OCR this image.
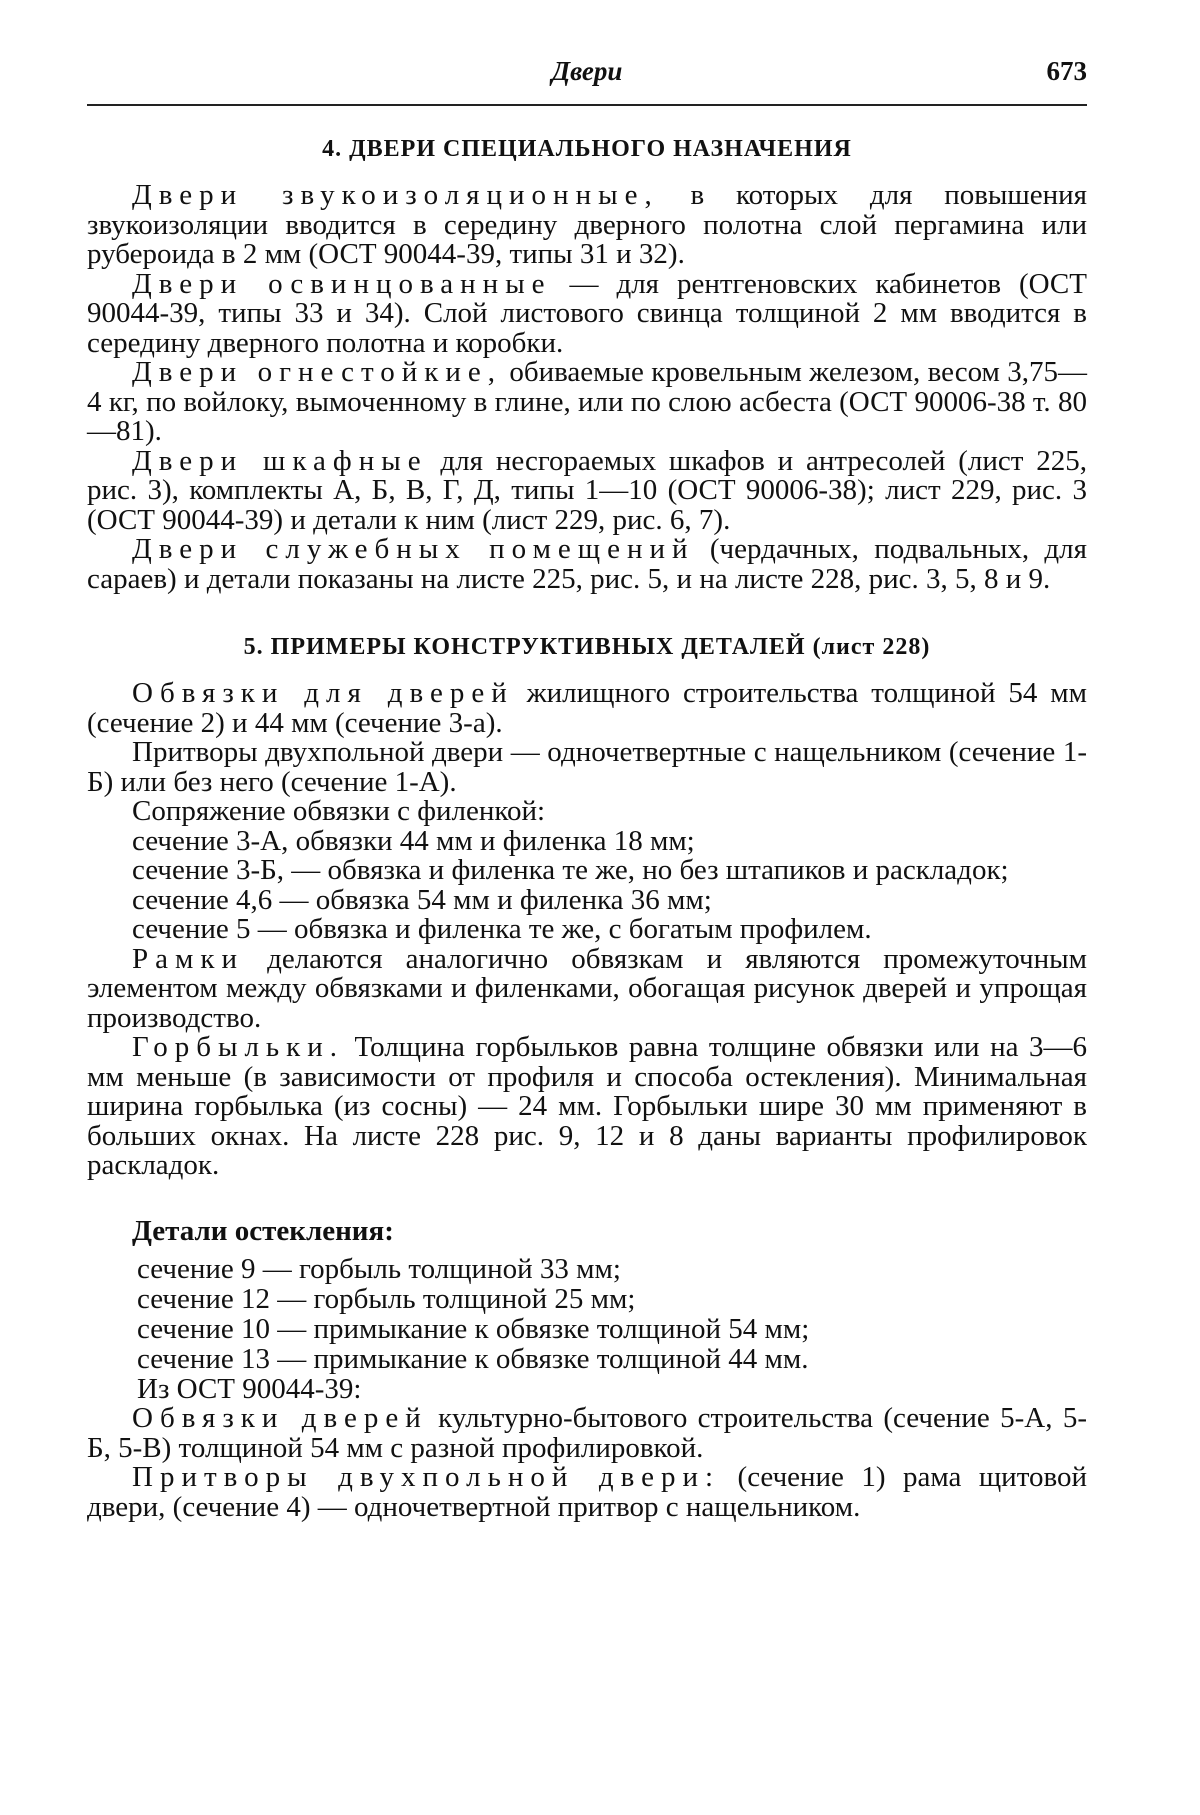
Двери	673
4. ДВЕРИ СПЕЦИАЛЬНОГО НАЗНАЧЕНИЯ

Двери звукоизоляционные, в которых для повышения звукоизоляции вводится в середину дверного полотна слой пергамина или рубероида в 2 мм (ОСТ 90044-39, типы 31 и 32).

Двери освинцованные — для рентгеновских кабинетов (ОСТ 90044-39, типы 33 и 34). Слой листового свинца толщиной 2 мм вводится в середину дверного полотна и коробки.

Двери огнестойкие, обиваемые кровельным железом, весом 3,75—4 кг, по войлоку, вымоченному в глине, или по слою асбеста (ОСТ 90006-38 т. 80—81).

Двери шкафные для несгораемых шкафов и антресолей (лист 225, рис. 3), комплекты А, Б, В, Г, Д, типы 1—10 (ОСТ 90006-38); лист 229, рис. 3 (ОСТ 90044-39) и детали к ним (лист 229, рис. 6, 7).

Двери служебных помещений (чердачных, подвальных, для сараев) и детали показаны на листе 225, рис. 5, и на листе 228, рис. 3, 5, 8 и 9.

5. ПРИМЕРЫ КОНСТРУКТИВНЫХ ДЕТАЛЕЙ (лист 228)

Обвязки для дверей жилищного строительства толщиной 54 мм (сечение 2) и 44 мм (сечение 3-а).

Притворы двухпольной двери — одночетвертные с нащельником (сечение 1-Б) или без него (сечение 1-А).

Сопряжение обвязки с филенкой:

сечение 3-А, обвязки 44 мм и филенка 18 мм;

сечение 3-Б, — обвязка и филенка те же, но без штапиков и раскладок;

сечение 4,6 — обвязка 54 мм и филенка 36 мм;

сечение 5 — обвязка и филенка те же, с богатым профилем.

Рамки делаются аналогично обвязкам и являются промежуточным элементом между обвязками и филенками, обогащая рисунок дверей и упрощая производство.

Горбыльки. Толщина горбыльков равна толщине обвязки или на 3—6 мм меньше (в зависимости от профиля и способа остекления). Минимальная ширина горбылька (из сосны) — 24 мм. Горбыльки шире 30 мм применяют в больших окнах. На листе 228 рис. 9, 12 и 8 даны варианты профилировок раскладок.

Детали остекления:

сечение 9 — горбыль толщиной 33 мм;

сечение 12 — горбыль толщиной 25 мм;

сечение 10 — примыкание к обвязке толщиной 54 мм;

сечение 13 — примыкание к обвязке толщиной 44 мм.

Из ОСТ 90044-39:

Обвязки дверей культурно-бытового строительства (сечение 5-А, 5-Б, 5-В) толщиной 54 мм с разной профилировкой.

Притворы двухпольной двери: (сечение 1) рама щитовой двери, (сечение 4) — одночетвертной притвор с нащельником.
